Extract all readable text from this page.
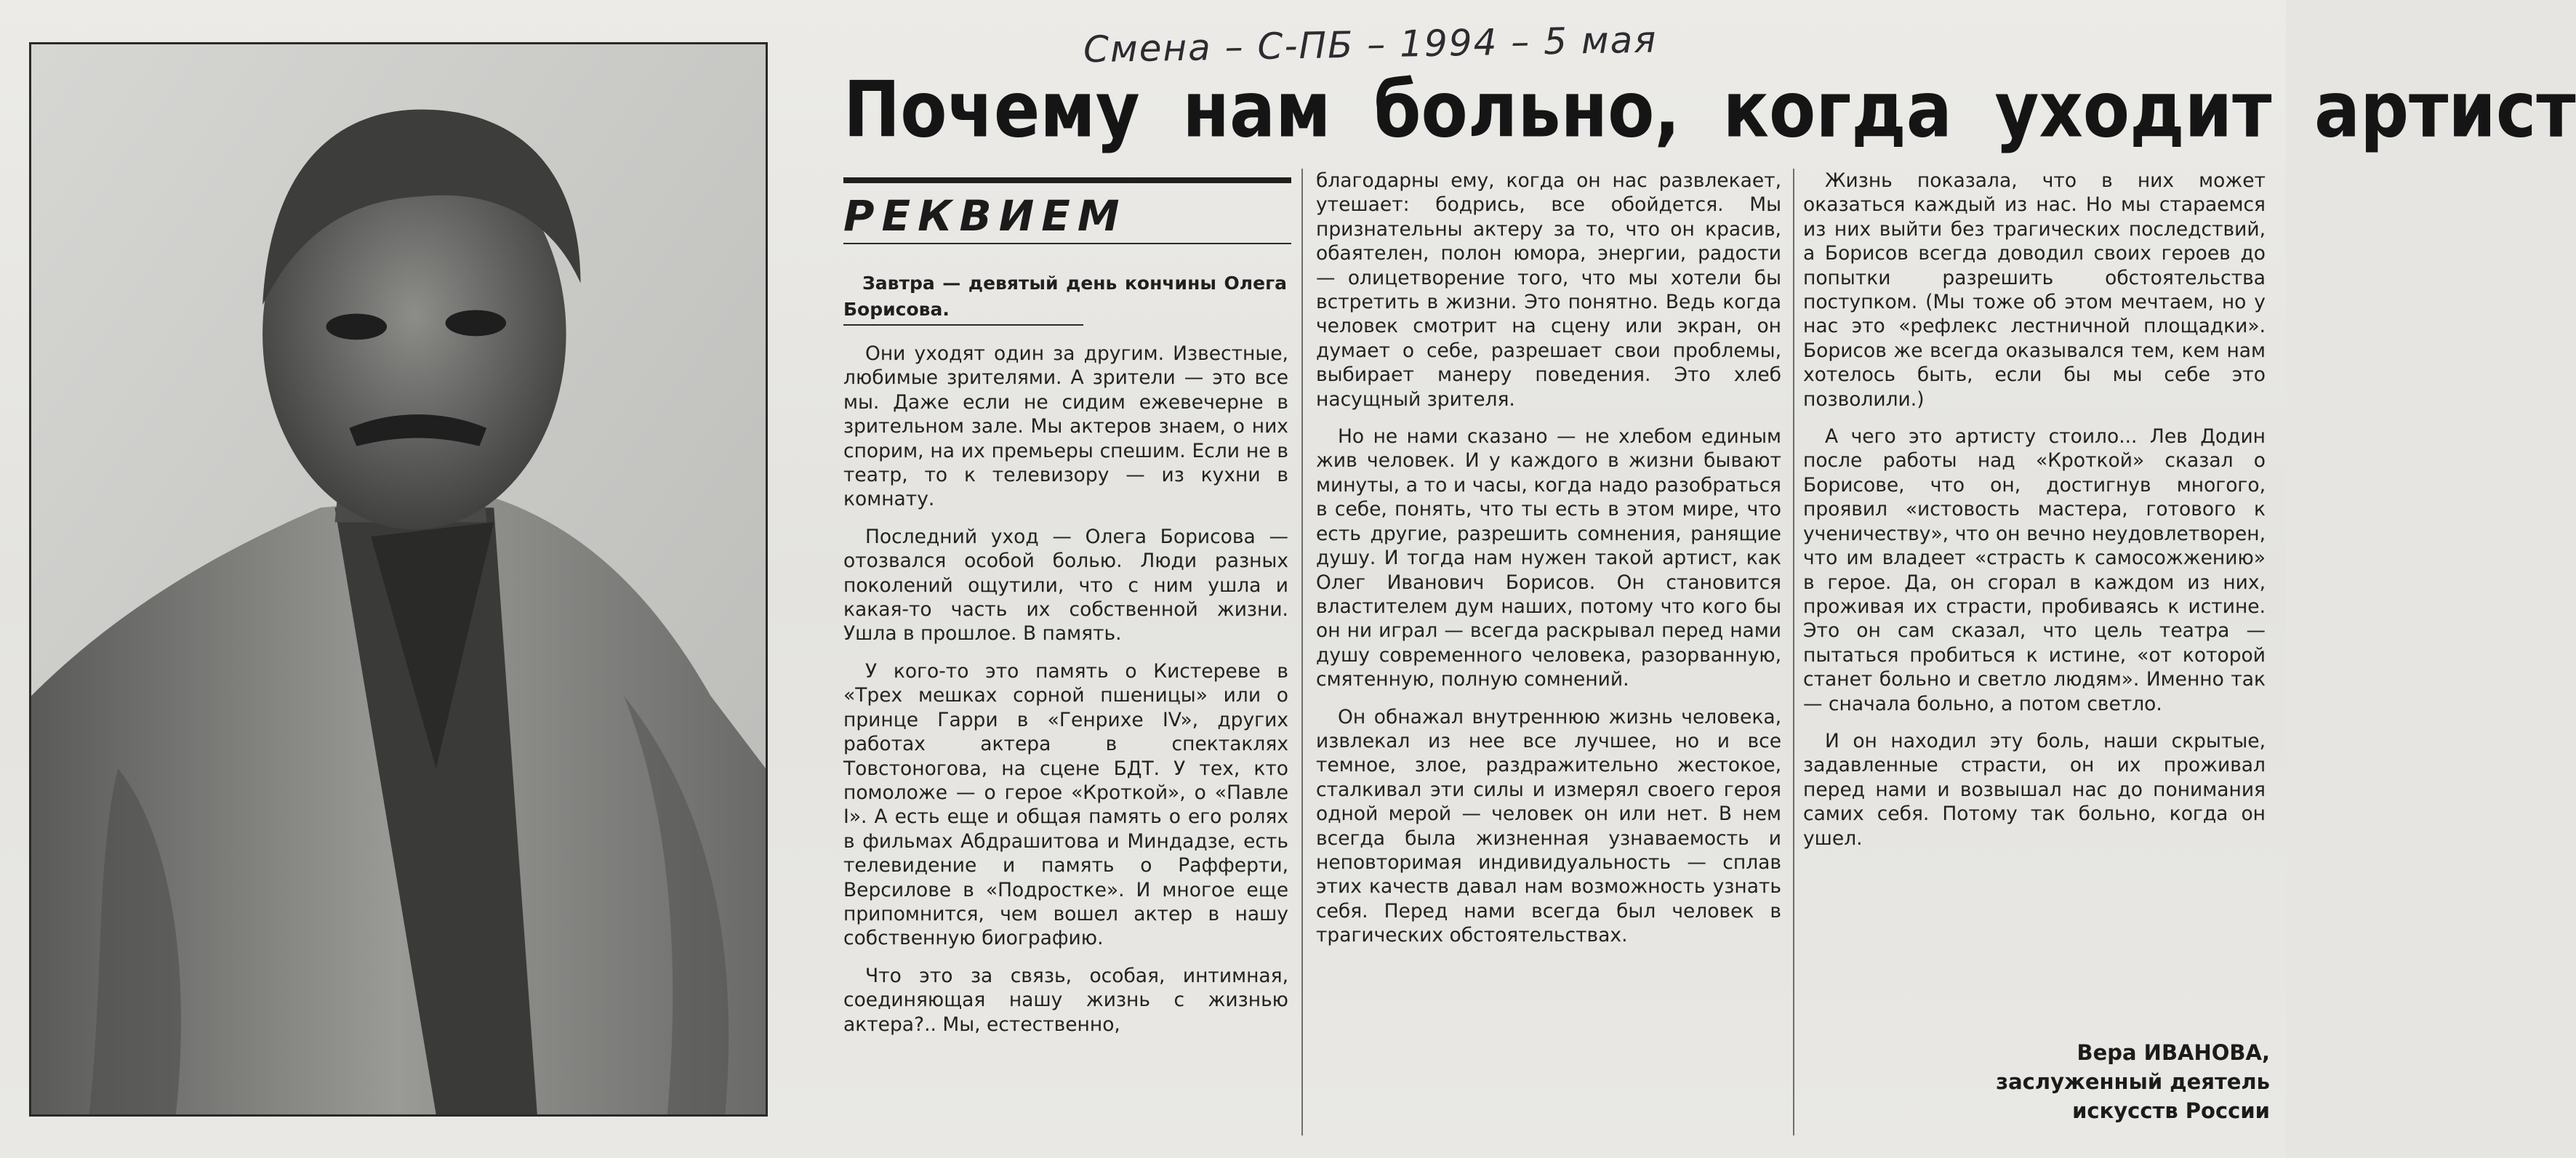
Смена – С-ПБ – 1994 – 5 мая
Почему нам больно, когда уходит артист
РЕКВИЕМ
Завтра — девятый день кончины Олега Борисова.

Они уходят один за другим. Известные, любимые зрителями. А зрители — это все мы. Даже если не сидим ежевечерне в зрительном зале. Мы актеров знаем, о них спорим, на их премьеры спешим. Если не в театр, то к телевизору — из кухни в комнату.

Последний уход — Олега Борисова — отозвался особой болью. Люди разных поколений ощутили, что с ним ушла и какая-то часть их собственной жизни. Ушла в прошлое. В память.

У кого-то это память о Кистереве в «Трех мешках сорной пшеницы» или о принце Гарри в «Генрихе IV», других работах актера в спектаклях Товстоногова, на сцене БДТ. У тех, кто помоложе — о герое «Кроткой», о «Павле I». А есть еще и общая память о его ролях в фильмах Абдрашитова и Миндадзе, есть телевидение и память о Рафферти, Версилове в «Подростке». И многое еще припомнится, чем вошел актер в нашу собственную биографию.

Что это за связь, особая, интимная, соединяющая нашу жизнь с жизнью актера?.. Мы, естественно,

благодарны ему, когда он нас развлекает, утешает: бодрись, все обойдется. Мы признательны актеру за то, что он красив, обаятелен, полон юмора, энергии, радости — олицетворение того, что мы хотели бы встретить в жизни. Это понятно. Ведь когда человек смотрит на сцену или экран, он думает о себе, разрешает свои проблемы, выбирает манеру поведения. Это хлеб насущный зрителя.

Но не нами сказано — не хлебом единым жив человек. И у каждого в жизни бывают минуты, а то и часы, когда надо разобраться в себе, понять, что ты есть в этом мире, что есть другие, разрешить сомнения, ранящие душу. И тогда нам нужен такой артист, как Олег Иванович Борисов. Он становится властителем дум наших, потому что кого бы он ни играл — всегда раскрывал перед нами душу современного человека, разорванную, смятенную, полную сомнений.

Он обнажал внутреннюю жизнь человека, извлекал из нее все лучшее, но и все темное, злое, раздражительно жестокое, сталкивал эти силы и измерял своего героя одной мерой — человек он или нет. В нем всегда была жизненная узнаваемость и неповторимая индивидуальность — сплав этих качеств давал нам возможность узнать себя. Перед нами всегда был человек в трагических обстоятельствах.

Жизнь показала, что в них может оказаться каждый из нас. Но мы стараемся из них выйти без трагических последствий, а Борисов всегда доводил своих героев до попытки разрешить обстоятельства поступком. (Мы тоже об этом мечтаем, но у нас это «рефлекс лестничной площадки». Борисов же всегда оказывался тем, кем нам хотелось быть, если бы мы себе это позволили.)

А чего это артисту стоило... Лев Додин после работы над «Кроткой» сказал о Борисове, что он, достигнув многого, проявил «истовость мастера, готового к ученичеству», что он вечно неудовлетворен, что им владеет «страсть к самосожжению» в герое. Да, он сгорал в каждом из них, проживая их страсти, пробиваясь к истине. Это он сам сказал, что цель театра — пытаться пробиться к истине, «от которой станет больно и светло людям». Именно так — сначала больно, а потом светло.

И он находил эту боль, наши скрытые, задавленные страсти, он их проживал перед нами и возвышал нас до понимания самих себя. Потому так больно, когда он ушел.

Вера ИВАНОВА,
заслуженный деятель
искусств России
